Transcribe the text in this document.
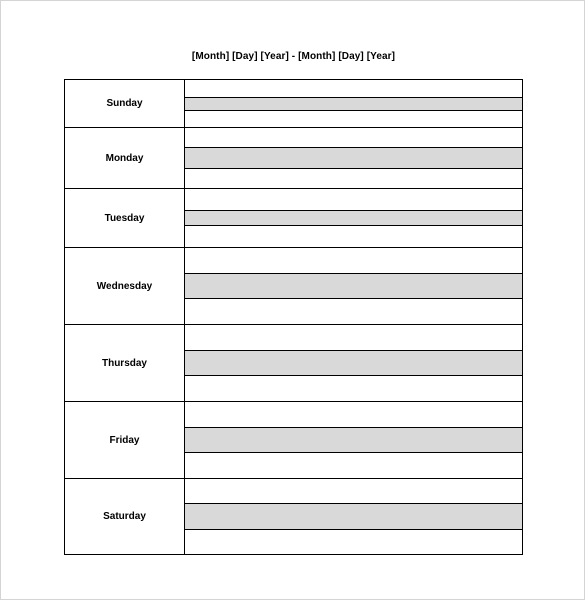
[Month] [Day] [Year] - [Month] [Day] [Year]
Sunday
Monday
Tuesday
Wednesday
Thursday
Friday
Saturday
